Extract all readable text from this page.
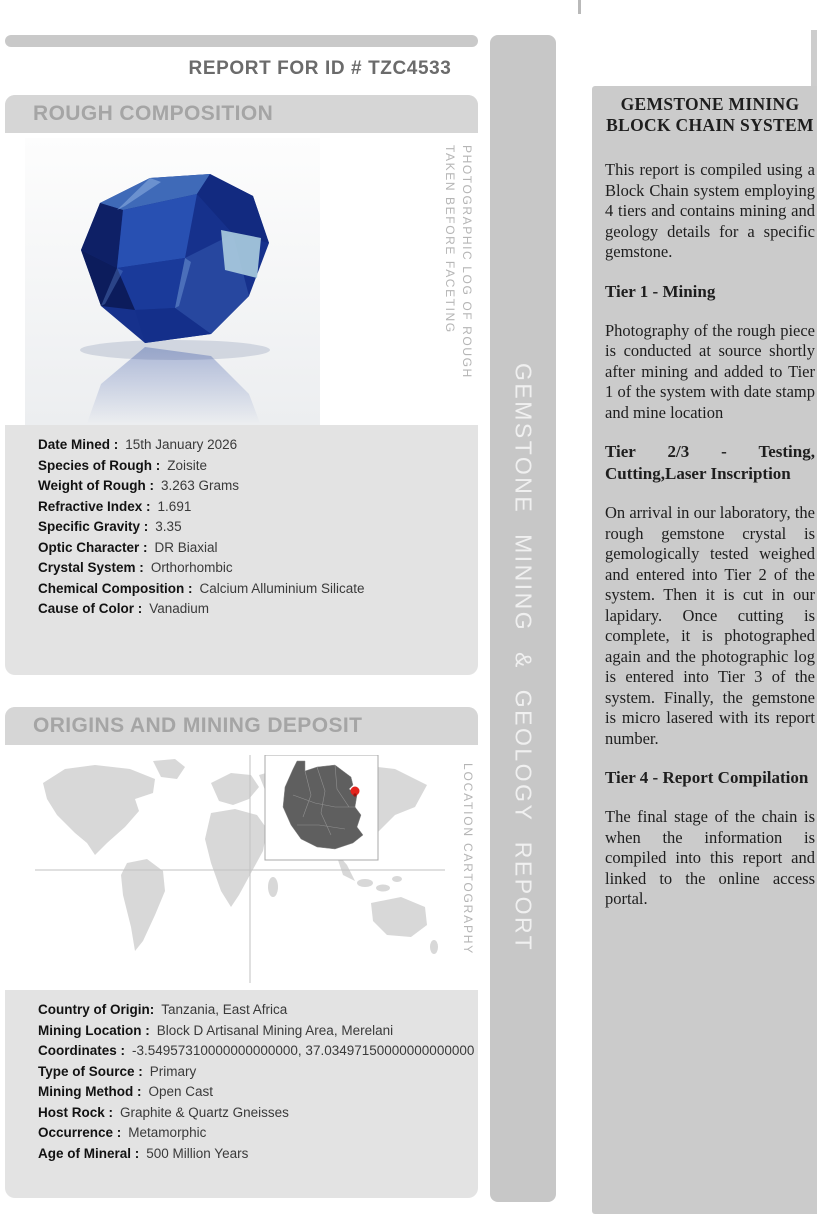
REPORT FOR ID # TZC4533
ROUGH COMPOSITION
PHOTOGRAPHIC LOG OF ROUGH
TAKEN BEFORE FACETING
Date Mined : 15th January 2026
Species of Rough : Zoisite
Weight of Rough : 3.263 Grams
Refractive Index : 1.691
Specific Gravity : 3.35
Optic Character : DR Biaxial
Crystal System : Orthorhombic
Chemical Composition : Calcium Alluminium Silicate
Cause of Color : Vanadium
ORIGINS AND MINING DEPOSIT
LOCATION CARTOGRAPHY
Country of Origin: Tanzania, East Africa
Mining Location : Block D Artisanal Mining Area, Merelani
Coordinates : -3.54957310000000000000, 37.03497150000000000000
Type of Source : Primary
Mining Method : Open Cast
Host Rock : Graphite & Quartz Gneisses
Occurrence : Metamorphic
Age of Mineral : 500 Million Years
GEMSTONE MINING & GEOLOGY REPORT
GEMSTONE MINING BLOCK CHAIN SYSTEM

This report is compiled using a Block Chain system employing 4 tiers and contains mining and geology details for a specific gemstone.

Tier 1 - Mining

Photography of the rough piece is conducted at source shortly after mining and added to Tier 1 of the system with date stamp and mine location

Tier 2/3 - Testing, Cutting,Laser Inscription

On arrival in our laboratory, the rough gemstone crystal is gemologically tested weighed and entered into Tier 2 of the system. Then it is cut in our lapidary. Once cutting is complete, it is photographed again and the photographic log is entered into Tier 3 of the system. Finally, the gemstone is micro lasered with its report number.

Tier 4 - Report Compilation

The final stage of the chain is when the information is compiled into this report and linked to the online access portal.
